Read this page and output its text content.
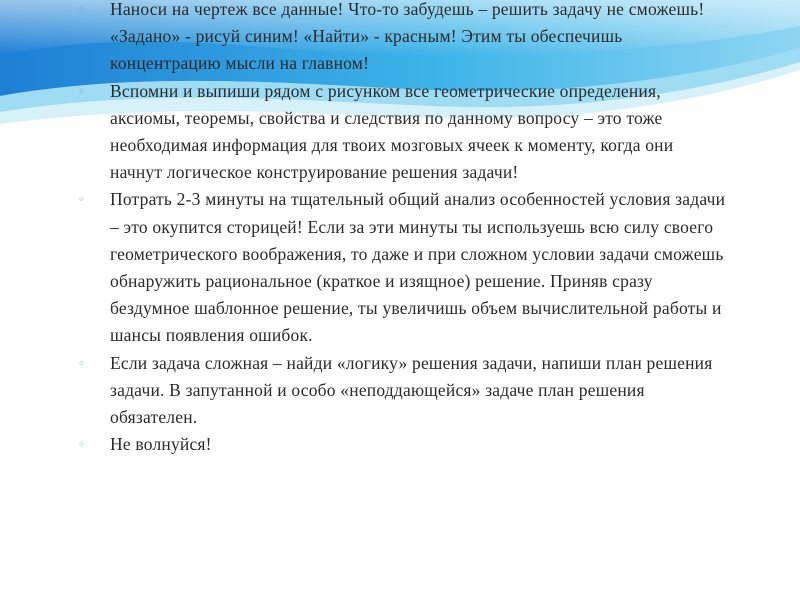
◦ Наноси на чертеж все данные! Что-то забудешь – решить задачу не сможешь!
◦ «Задано» - рисуй синим! «Найти» - красным! Этим ты обеспечишь концентрацию мысли на главном!
◦ Вспомни и выпиши рядом с рисунком все геометрические определения, аксиомы, теоремы, свойства и следствия по данному вопросу – это тоже необходимая информация для твоих мозговых ячеек к моменту, когда они начнут логическое конструирование решения задачи!
◦ Потрать 2-3 минуты на тщательный общий анализ особенностей условия задачи – это окупится сторицей! Если за эти минуты ты используешь всю силу своего геометрического воображения, то даже и при сложном условии задачи сможешь обнаружить рациональное (краткое и изящное) решение. Приняв сразу бездумное шаблонное решение, ты увеличишь объем вычислительной работы и шансы появления ошибок.
◦ Если задача сложная – найди «логику» решения задачи, напиши план решения задачи. В запутанной и особо «неподдающейся» задаче план решения обязателен.
◦ Не волнуйся!
